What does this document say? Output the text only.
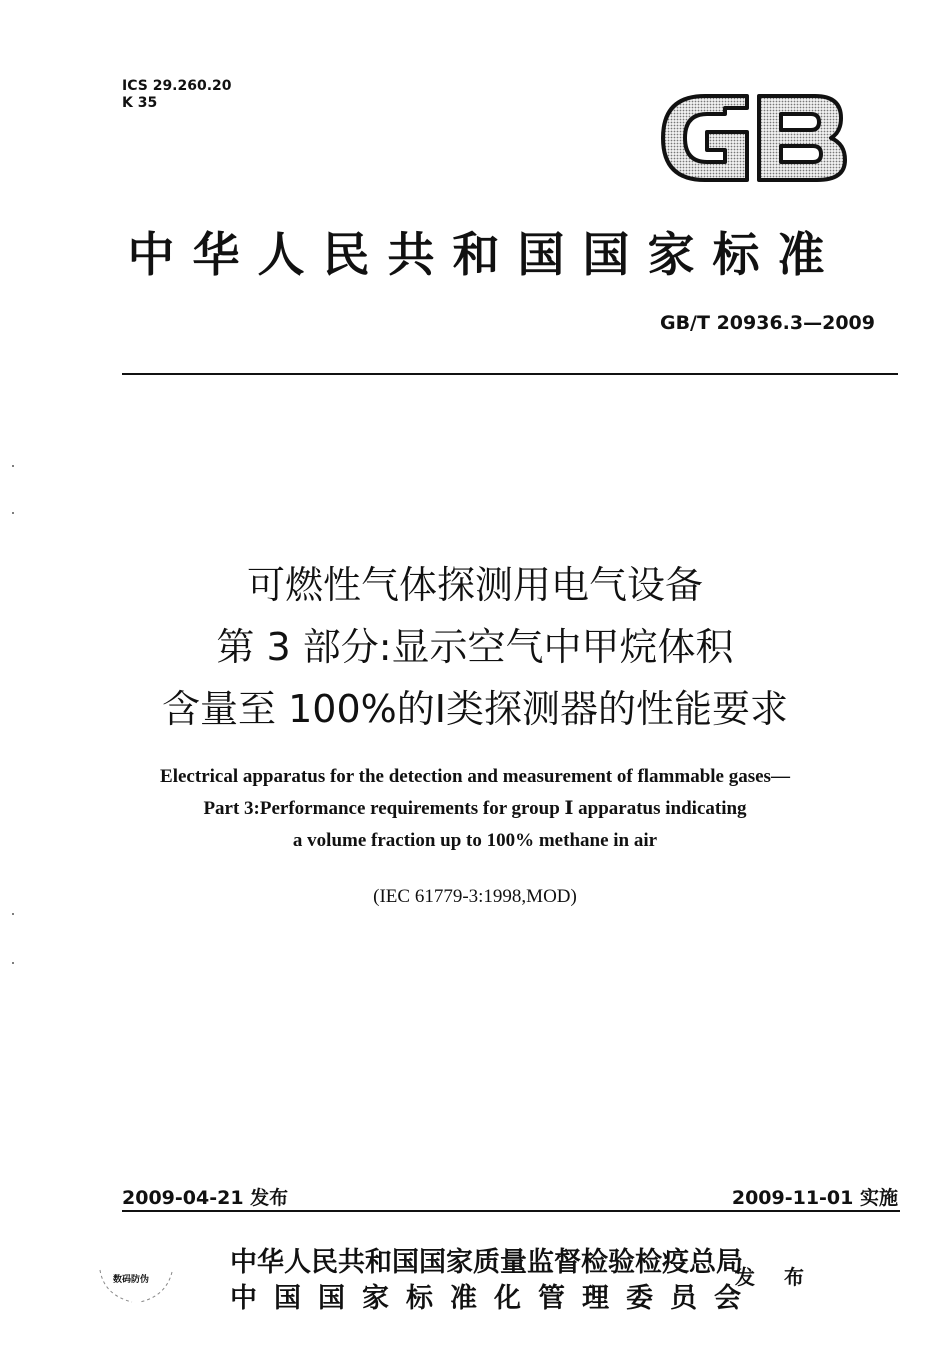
ICS 29.260.20
K 35
中华人民共和国国家标准
GB/T 20936.3—2009
可燃性气体探测用电气设备
第 3 部分:显示空气中甲烷体积
含量至 100%的Ⅰ类探测器的性能要求
Electrical apparatus for the detection and measurement of flammable gases—
Part 3:Performance requirements for group Ⅰ apparatus indicating
a volume fraction up to 100% methane in air
(IEC 61779-3:1998,MOD)
2009-04-21 发布	2009-11-01 实施
数码防伪
中华人民共和国国家质量监督检验检疫总局
中国国家标准化管理委员会
发 布
